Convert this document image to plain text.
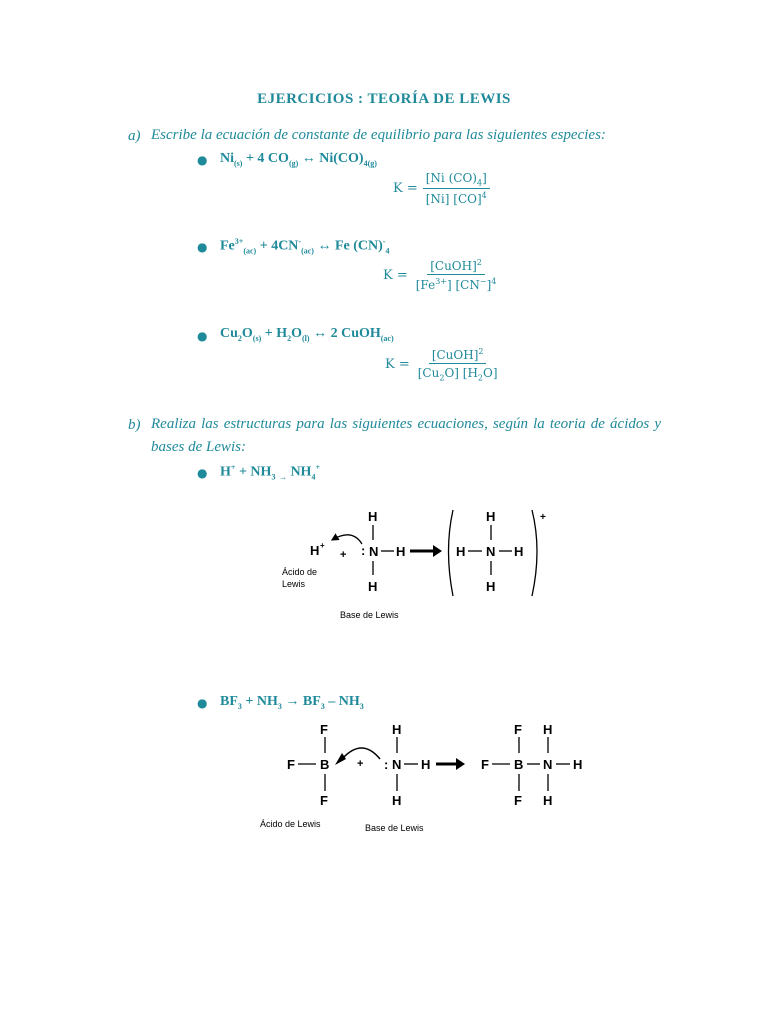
EJERCICIOS : TEORÍA DE LEWIS
a) Escribe la ecuación de constante de equilibrio para las siguientes especies:
● $Ni_{(s)} + 4$ $CO_{(g)}$ ↔ $Ni(CO)_{4(g)}$
$K = \frac{[Ni (CO)_4]}{[Ni] [CO]^4}$
● $Fe^{3+}_{(ac)} + 4CN^-_{(ac)}$ ↔ Fe $(CN)^-_4$
$K = \frac{[CuOH]^2}{[Fe^{3+}] [CN^-]^4}$
● $Cu_2O_{(s)} + H_2O_{(l)}$ ↔ 2 CuOH$_{(ac)}$
$K = \frac{[CuOH]^2}{[Cu_2O] [H_2O]}$
b) Realiza las estructuras para las siguientes ecuaciones, según la teoria de ácidos y
bases de Lewis:
● $H^+ + NH_3$ $_\to$ $NH_4^+$
H +
+
H
: N H
H
H
H N H
H
+
Ácido de
Lewis
Base de Lewis
● $BF_3 + NH_3 \to BF_3 - NH_3$
F
F B
F
+
H
: N H
H
F
F B
F
H
N H
H
Ácido de Lewis	Base de Lewis
